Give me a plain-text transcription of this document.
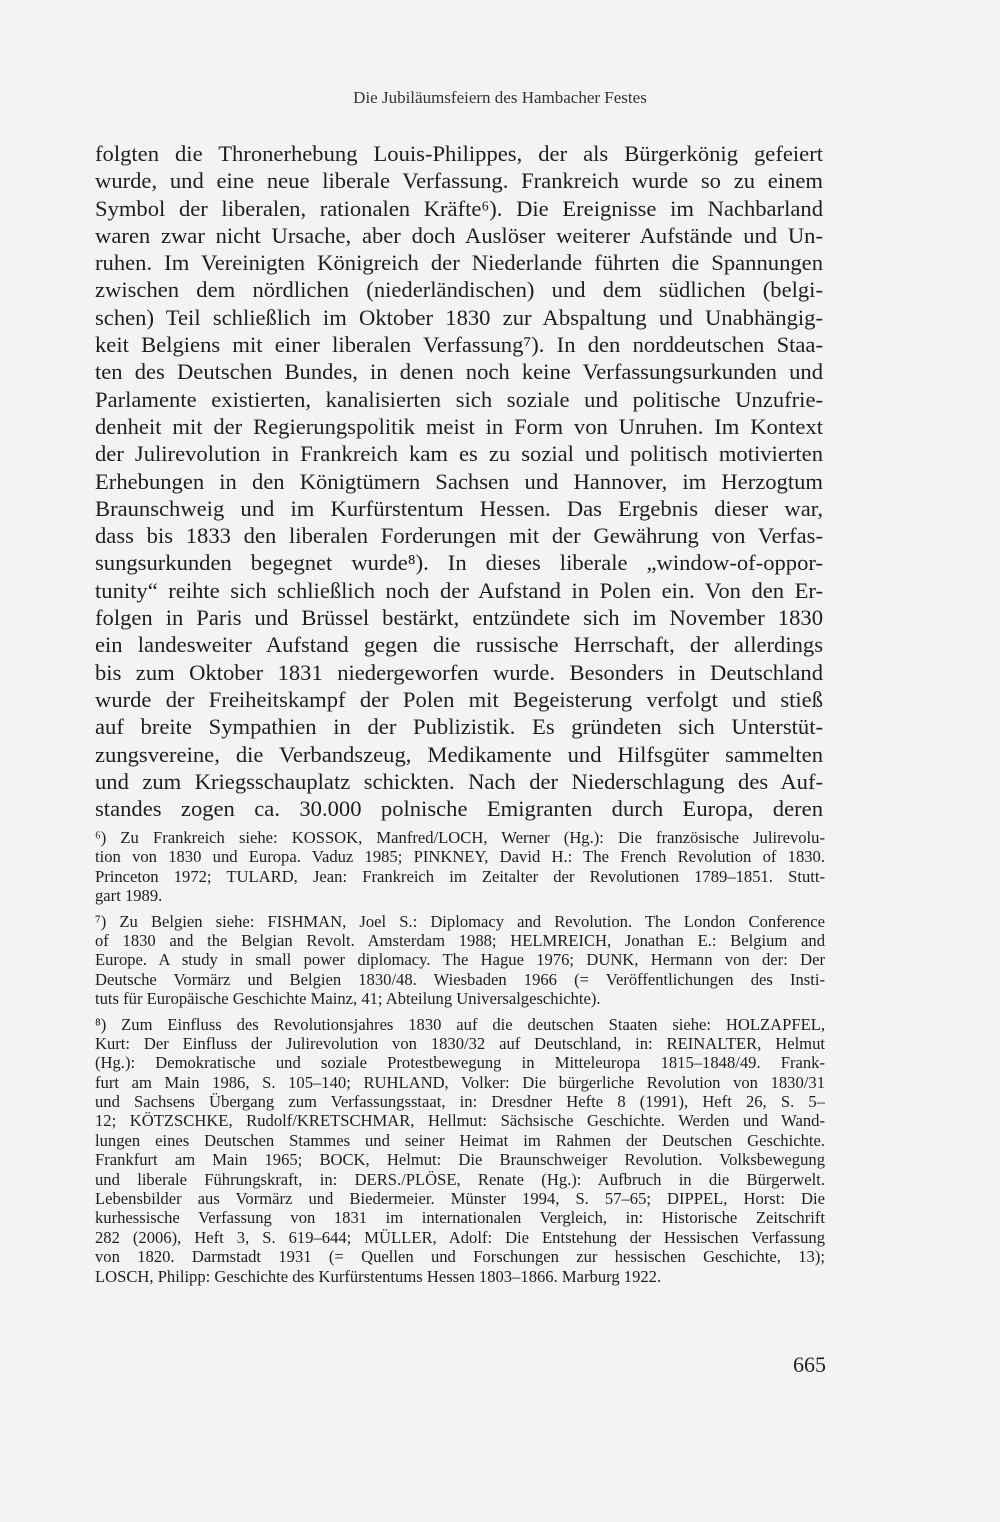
Die Jubiläumsfeiern des Hambacher Festes
folgten die Thronerhebung Louis-Philippes, der als Bürgerkönig gefeiert
wurde, und eine neue liberale Verfassung. Frankreich wurde so zu einem
Symbol der liberalen, rationalen Kräfte⁶). Die Ereignisse im Nachbarland
waren zwar nicht Ursache, aber doch Auslöser weiterer Aufstände und Un-
ruhen. Im Vereinigten Königreich der Niederlande führten die Spannungen
zwischen dem nördlichen (niederländischen) und dem südlichen (belgi-
schen) Teil schließlich im Oktober 1830 zur Abspaltung und Unabhängig-
keit Belgiens mit einer liberalen Verfassung⁷). In den norddeutschen Staa-
ten des Deutschen Bundes, in denen noch keine Verfassungsurkunden und
Parlamente existierten, kanalisierten sich soziale und politische Unzufrie-
denheit mit der Regierungspolitik meist in Form von Unruhen. Im Kontext
der Julirevolution in Frankreich kam es zu sozial und politisch motivierten
Erhebungen in den Königtümern Sachsen und Hannover, im Herzogtum
Braunschweig und im Kurfürstentum Hessen. Das Ergebnis dieser war,
dass bis 1833 den liberalen Forderungen mit der Gewährung von Verfas-
sungsurkunden begegnet wurde⁸). In dieses liberale „window-of-oppor-
tunity“ reihte sich schließlich noch der Aufstand in Polen ein. Von den Er-
folgen in Paris und Brüssel bestärkt, entzündete sich im November 1830
ein landesweiter Aufstand gegen die russische Herrschaft, der allerdings
bis zum Oktober 1831 niedergeworfen wurde. Besonders in Deutschland
wurde der Freiheitskampf der Polen mit Begeisterung verfolgt und stieß
auf breite Sympathien in der Publizistik. Es gründeten sich Unterstüt-
zungsvereine, die Verbandszeug, Medikamente und Hilfsgüter sammelten
und zum Kriegsschauplatz schickten. Nach der Niederschlagung des Auf-
standes zogen ca. 30.000 polnische Emigranten durch Europa, deren
⁶) Zu Frankreich siehe: KOSSOK, Manfred/LOCH, Werner (Hg.): Die französische Julirevolu-
tion von 1830 und Europa. Vaduz 1985; PINKNEY, David H.: The French Revolution of 1830.
Princeton 1972; TULARD, Jean: Frankreich im Zeitalter der Revolutionen 1789–1851. Stutt-
gart 1989.
⁷) Zu Belgien siehe: FISHMAN, Joel S.: Diplomacy and Revolution. The London Conference
of 1830 and the Belgian Revolt. Amsterdam 1988; HELMREICH, Jonathan E.: Belgium and
Europe. A study in small power diplomacy. The Hague 1976; DUNK, Hermann von der: Der
Deutsche Vormärz und Belgien 1830/48. Wiesbaden 1966 (= Veröffentlichungen des Insti-
tuts für Europäische Geschichte Mainz, 41; Abteilung Universalgeschichte).
⁸) Zum Einfluss des Revolutionsjahres 1830 auf die deutschen Staaten siehe: HOLZAPFEL,
Kurt: Der Einfluss der Julirevolution von 1830/32 auf Deutschland, in: REINALTER, Helmut
(Hg.): Demokratische und soziale Protestbewegung in Mitteleuropa 1815–1848/49. Frank-
furt am Main 1986, S. 105–140; RUHLAND, Volker: Die bürgerliche Revolution von 1830/31
und Sachsens Übergang zum Verfassungsstaat, in: Dresdner Hefte 8 (1991), Heft 26, S. 5–
12; KÖTZSCHKE, Rudolf/KRETSCHMAR, Hellmut: Sächsische Geschichte. Werden und Wand-
lungen eines Deutschen Stammes und seiner Heimat im Rahmen der Deutschen Geschichte.
Frankfurt am Main 1965; BOCK, Helmut: Die Braunschweiger Revolution. Volksbewegung
und liberale Führungskraft, in: DERS./PLÖSE, Renate (Hg.): Aufbruch in die Bürgerwelt.
Lebensbilder aus Vormärz und Biedermeier. Münster 1994, S. 57–65; DIPPEL, Horst: Die
kurhessische Verfassung von 1831 im internationalen Vergleich, in: Historische Zeitschrift
282 (2006), Heft 3, S. 619–644; MÜLLER, Adolf: Die Entstehung der Hessischen Verfassung
von 1820. Darmstadt 1931 (= Quellen und Forschungen zur hessischen Geschichte, 13);
LOSCH, Philipp: Geschichte des Kurfürstentums Hessen 1803–1866. Marburg 1922.
665
